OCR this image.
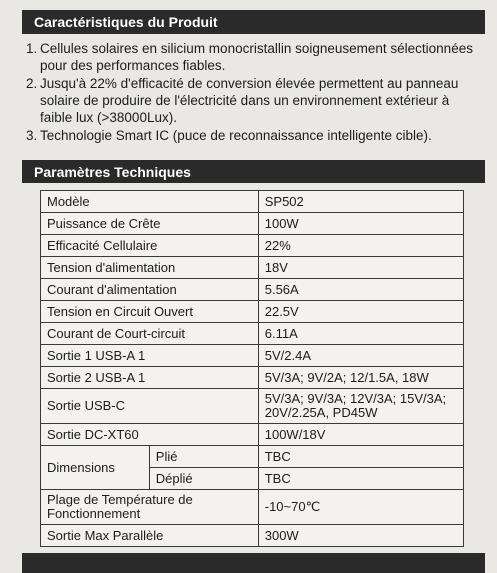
Caractéristiques du Produit
1. Cellules solaires en silicium monocristallin soigneusement sélectionnées pour des performances fiables.
2. Jusqu'à 22% d'efficacité de conversion élevée permettent au panneau solaire de produire de l'électricité dans un environnement extérieur à faible lux (>38000Lux).
3. Technologie Smart IC (puce de reconnaissance intelligente cible).
Paramètres Techniques
Modèle		SP502
Puissance de Crête		100W
Efficacité Cellulaire		22%
Tension d'alimentation		18V
Courant d'alimentation		5.56A
Tension en Circuit Ouvert		22.5V
Courant de Court-circuit		6.11A
Sortie 1 USB-A 1		5V/2.4A
Sortie 2 USB-A 1		5V/3A; 9V/2A; 12/1.5A, 18W
Sortie USB-C		5V/3A; 9V/3A; 12V/3A; 15V/3A; 20V/2.25A, PD45W
Sortie DC-XT60		100W/18V
Dimensions	Plié	TBC
	Déplié	TBC
Plage de Température de Fonctionnement		-10~70℃
Sortie Max Parallèle		300W
